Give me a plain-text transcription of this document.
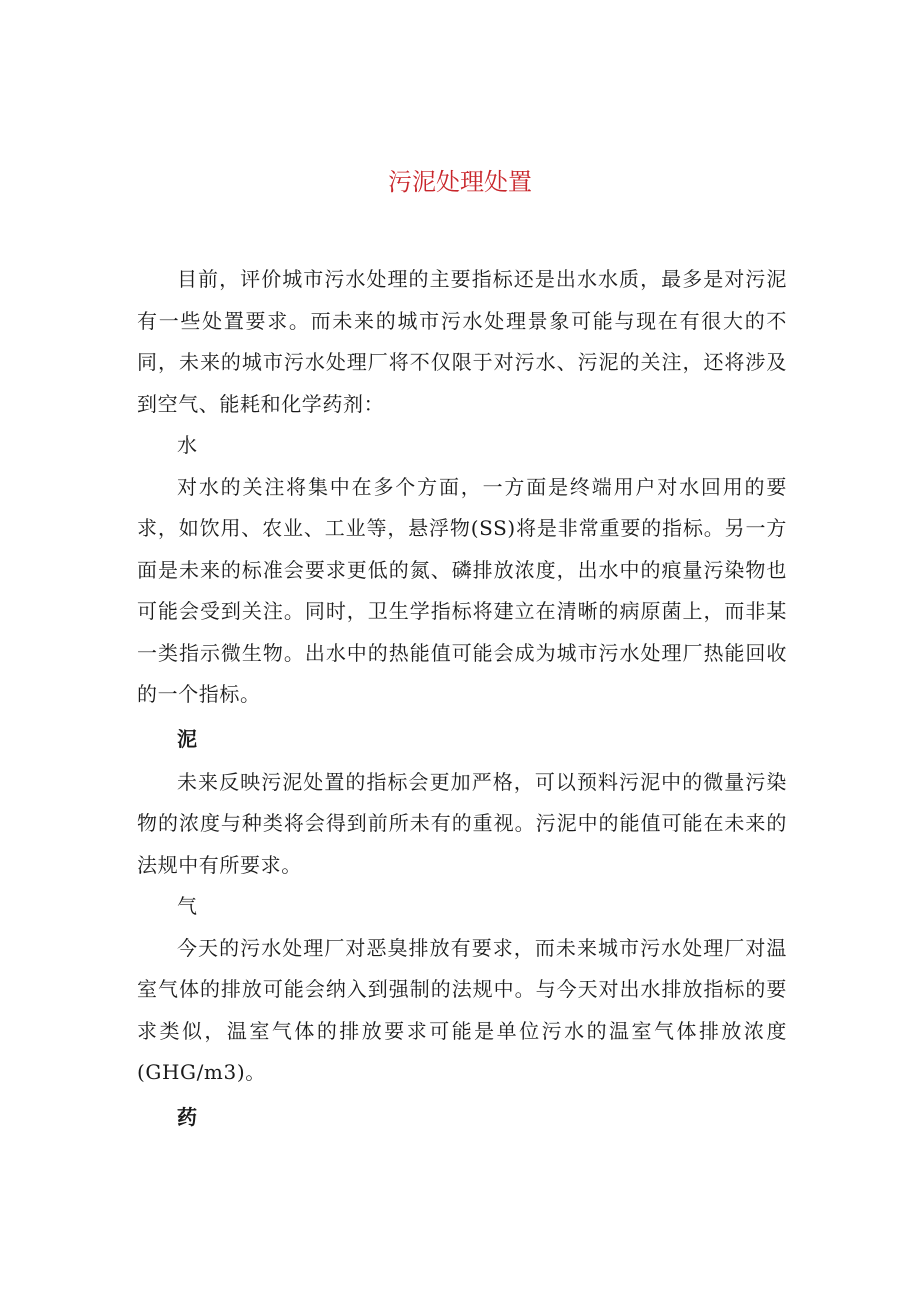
污泥处理处置

目前，评价城市污水处理的主要指标还是出水水质，最多是对污泥有一些处置要求。而未来的城市污水处理景象可能与现在有很大的不同，未来的城市污水处理厂将不仅限于对污水、污泥的关注，还将涉及到空气、能耗和化学药剂：

水

对水的关注将集中在多个方面，一方面是终端用户对水回用的要求，如饮用、农业、工业等，悬浮物(SS)将是非常重要的指标。另一方面是未来的标准会要求更低的氮、磷排放浓度，出水中的痕量污染物也可能会受到关注。同时，卫生学指标将建立在清晰的病原菌上，而非某一类指示微生物。出水中的热能值可能会成为城市污水处理厂热能回收的一个指标。

泥

未来反映污泥处置的指标会更加严格，可以预料污泥中的微量污染物的浓度与种类将会得到前所未有的重视。污泥中的能值可能在未来的法规中有所要求。

气

今天的污水处理厂对恶臭排放有要求，而未来城市污水处理厂对温室气体的排放可能会纳入到强制的法规中。与今天对出水排放指标的要求类似，温室气体的排放要求可能是单位污水的温室气体排放浓度(GHG/m3)。

药
